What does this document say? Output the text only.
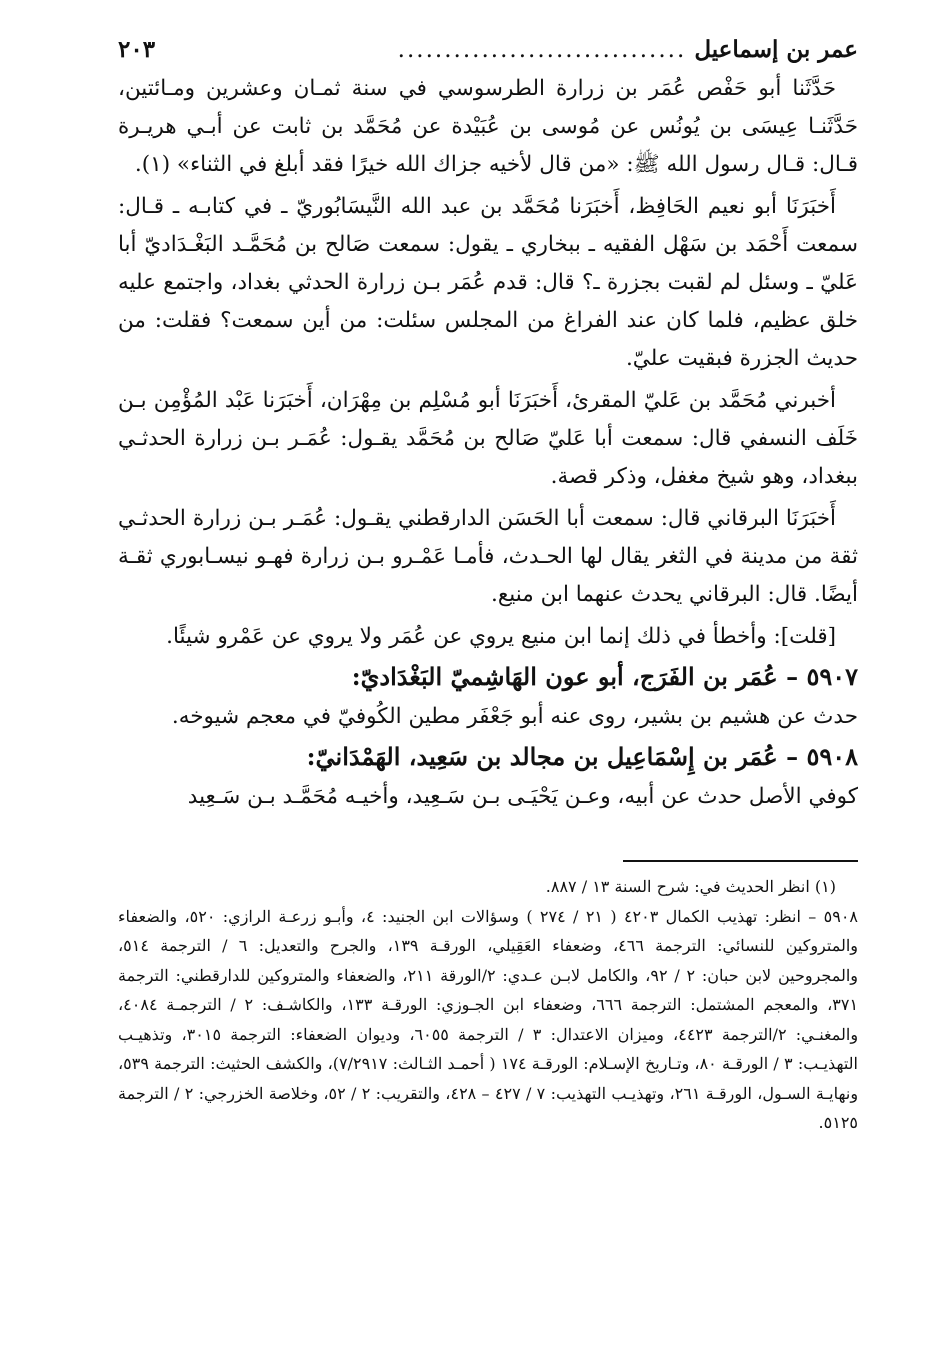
عمر بن إسماعيل
...............................
٢٠٣

حَدَّثَنا أبو حَفْص عُمَر بن زرارة الطرسوسي في سنة ثمـان وعشرين ومـائتين، حَدَّثَنـا عِيسَى بن يُونُس عن مُوسى بن عُبَيْدة عن مُحَمَّد بن ثابت عن أبـي هريـرة قـال: قـال رسول الله ﷺ: «من قال لأخيه جزاك الله خيرًا فقد أبلغ في الثناء» (١).

أَخبَرَنَا أبو نعيم الحَافِظ، أَخبَرَنا مُحَمَّد بن عبد الله النَّيسَابُوريّ ـ في كتابـه ـ قـال: سمعت أَحْمَد بن سَهْل الفقيه ـ ببخاري ـ يقول: سمعت صَالح بن مُحَمَّـد البَغْـدَاديّ أبا عَليّ ـ وسئل لم لقبت بجزرة ـ؟ قال: قدم عُمَر بـن زرارة الحدثي بغداد، واجتمع عليه خلق عظيم، فلما كان عند الفراغ من المجلس سئلت: من أين سمعت؟ فقلت: من حديث الجزرة فبقيت عليّ.

أخبرني مُحَمَّد بن عَليّ المقرئ، أَخبَرَنَا أبو مُسْلِم بن مِهْرَان، أَخبَرَنا عَبْد المُؤْمِن بـن خَلَف النسفي قال: سمعت أبا عَليّ صَالح بن مُحَمَّد يقـول: عُمَـر بـن زرارة الحدثـي ببغداد، وهو شيخ مغفل، وذكر قصة.

أَخبَرَنَا البرقاني قال: سمعت أبا الحَسَن الدارقطني يقـول: عُمَـر بـن زرارة الحدثـي ثقة من مدينة في الثغر يقال لها الحـدث، فأمـا عَمْـرو بـن زرارة فهـو نيسـابوري ثقـة أيضًا. قال: البرقاني يحدث عنهما ابن منيع.

[قلت]: وأخطأ في ذلك إنما ابن منيع يروي عن عُمَر ولا يروي عن عَمْرو شيئًا.

٥٩٠٧ – عُمَر بن الفَرَج، أبو عون الهَاشِميّ البَغْدَاديّ:

حدث عن هشيم بن بشير، روى عنه أبو جَعْفَر مطين الكُوفيّ في معجم شيوخه.

٥٩٠٨ – عُمَر بن إِسْمَاعِيل بن مجالد بن سَعِيد، الهَمْدَانيّ:

كوفي الأصل حدث عن أبيه، وعـن يَحْيَـى بـن سَـعِيد، وأخيـه مُحَمَّـد بـن سَـعِيد

(١) انظر الحديث في: شرح السنة ١٣ / ٨٨٧.

٥٩٠٨ – انظر: تهذيب الكمال ٤٢٠٣ ( ٢١ / ٢٧٤ ) وسؤالات ابن الجنيد: ٤، وأبـو زرعـة الرازي: ٥٢٠، والضعفاء والمتروكين للنسائي: الترجمة ٤٦٦، وضعفاء العَقِيلي، الورقـة ١٣٩، والجرح والتعديل: ٦ / الترجمة ٥١٤، والمجروحين لابن حبان: ٢ / ٩٢، والكامل لابـن عـدي: ٢/الورقة ٢١١، والضعفاء والمتروكين للدارقطني: الترجمة ٣٧١، والمعجم المشتمل: الترجمة ٦٦٦، وضعفاء ابن الجـوزي: الورقـة ١٣٣، والكاشـف: ٢ / الترجمـة ٤٠٨٤، والمغنـي: ٢/الترجمة ٤٤٢٣، وميزان الاعتدال: ٣ / الترجمة ٦٠٥٥، وديوان الضعفاء: الترجمة ٣٠١٥، وتذهيـب التهذيـب: ٣ / الورقـة ٨٠، وتـاريخ الإسـلام: الورقـة ١٧٤ ( أحمـد الثـالث: ٧/٢٩١٧)، والكشف الحثيث: الترجمة ٥٣٩، ونهايـة السـول، الورقـة ٢٦١، وتهذيـب التهذيب: ٧ / ٤٢٧ – ٤٢٨، والتقريب: ٢ / ٥٢، وخلاصة الخزرجي: ٢ / الترجمة ٥١٢٥.
